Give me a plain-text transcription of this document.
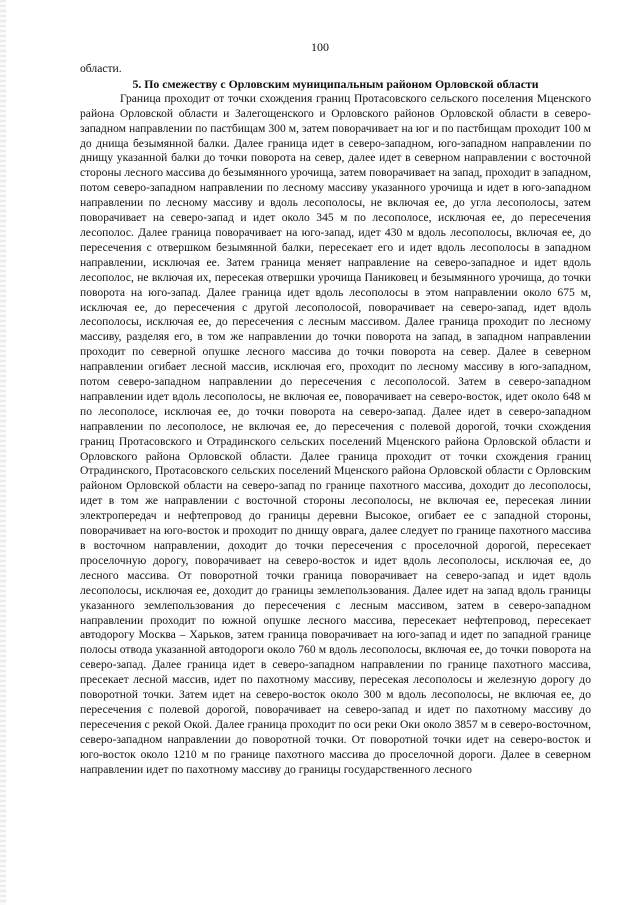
100

области.

5. По смежеству с Орловским муниципальным районом Орловской области

Граница проходит от точки схождения границ Протасовского сельского поселения Мценского района Орловской области и Залегощенского и Орловского районов Орловской области в северо-западном направлении по пастбищам 300 м, затем поворачивает на юг и по пастбищам проходит 100 м до днища безымянной балки. Далее граница идет в северо-западном, юго-западном направлении по днищу указанной балки до точки поворота на север, далее идет в северном направлении с восточной стороны лесного массива до безымянного урочища, затем поворачивает на запад, проходит в западном, потом северо-западном направлении по лесному массиву указанного урочища и идет в юго-западном направлении по лесному массиву и вдоль лесополосы, не включая ее, до угла лесополосы, затем поворачивает на северо-запад и идет около 345 м по лесополосе, исключая ее, до пересечения лесополос. Далее граница поворачивает на юго-запад, идет 430 м вдоль лесополосы, включая ее, до пересечения с отвершком безымянной балки, пересекает его и идет вдоль лесополосы в западном направлении, исключая ее. Затем граница меняет направление на северо-западное и идет вдоль лесополос, не включая их, пересекая отвершки урочища Паниковец и безымянного урочища, до точки поворота на юго-запад. Далее граница идет вдоль лесополосы в этом направлении около 675 м, исключая ее, до пересечения с другой лесополосой, поворачивает на северо-запад, идет вдоль лесополосы, исключая ее, до пересечения с лесным массивом. Далее граница проходит по лесному массиву, разделяя его, в том же направлении до точки поворота на запад, в западном направлении проходит по северной опушке лесного массива до точки поворота на север. Далее в северном направлении огибает лесной массив, исключая его, проходит по лесному массиву в юго-западном, потом северо-западном направлении до пересечения с лесополосой. Затем в северо-западном направлении идет вдоль лесополосы, не включая ее, поворачивает на северо-восток, идет около 648 м по лесополосе, исключая ее, до точки поворота на северо-запад. Далее идет в северо-западном направлении по лесополосе, не включая ее, до пересечения с полевой дорогой, точки схождения границ Протасовского и Отрадинского сельских поселений Мценского района Орловской области и Орловского района Орловской области. Далее граница проходит от точки схождения границ Отрадинского, Протасовского сельских поселений Мценского района Орловской области с Орловским районом Орловской области на северо-запад по границе пахотного массива, доходит до лесополосы, идет в том же направлении с восточной стороны лесополосы, не включая ее, пересекая линии электропередач и нефтепровод до границы деревни Высокое, огибает ее с западной стороны, поворачивает на юго-восток и проходит по днищу оврага, далее следует по границе пахотного массива в восточном направлении, доходит до точки пересечения с проселочной дорогой, пересекает проселочную дорогу, поворачивает на северо-восток и идет вдоль лесополосы, исключая ее, до лесного массива. От поворотной точки граница поворачивает на северо-запад и идет вдоль лесополосы, исключая ее, доходит до границы землепользования. Далее идет на запад вдоль границы указанного землепользования до пересечения с лесным массивом, затем в северо-западном направлении проходит по южной опушке лесного массива, пересекает нефтепровод, пересекает автодорогу Москва – Харьков, затем граница поворачивает на юго-запад и идет по западной границе полосы отвода указанной автодороги около 760 м вдоль лесополосы, включая ее, до точки поворота на северо-запад. Далее граница идет в северо-западном направлении по границе пахотного массива, пресекает лесной массив, идет по пахотному массиву, пересекая лесополосы и железную дорогу до поворотной точки. Затем идет на северо-восток около 300 м вдоль лесополосы, не включая ее, до пересечения с полевой дорогой, поворачивает на северо-запад и идет по пахотному массиву до пересечения с рекой Окой. Далее граница проходит по оси реки Оки около 3857 м в северо-восточном, северо-западном направлении до поворотной точки. От поворотной точки идет на северо-восток и юго-восток около 1210 м по границе пахотного массива до проселочной дороги. Далее в северном направлении идет по пахотному массиву до границы государственного лесного
